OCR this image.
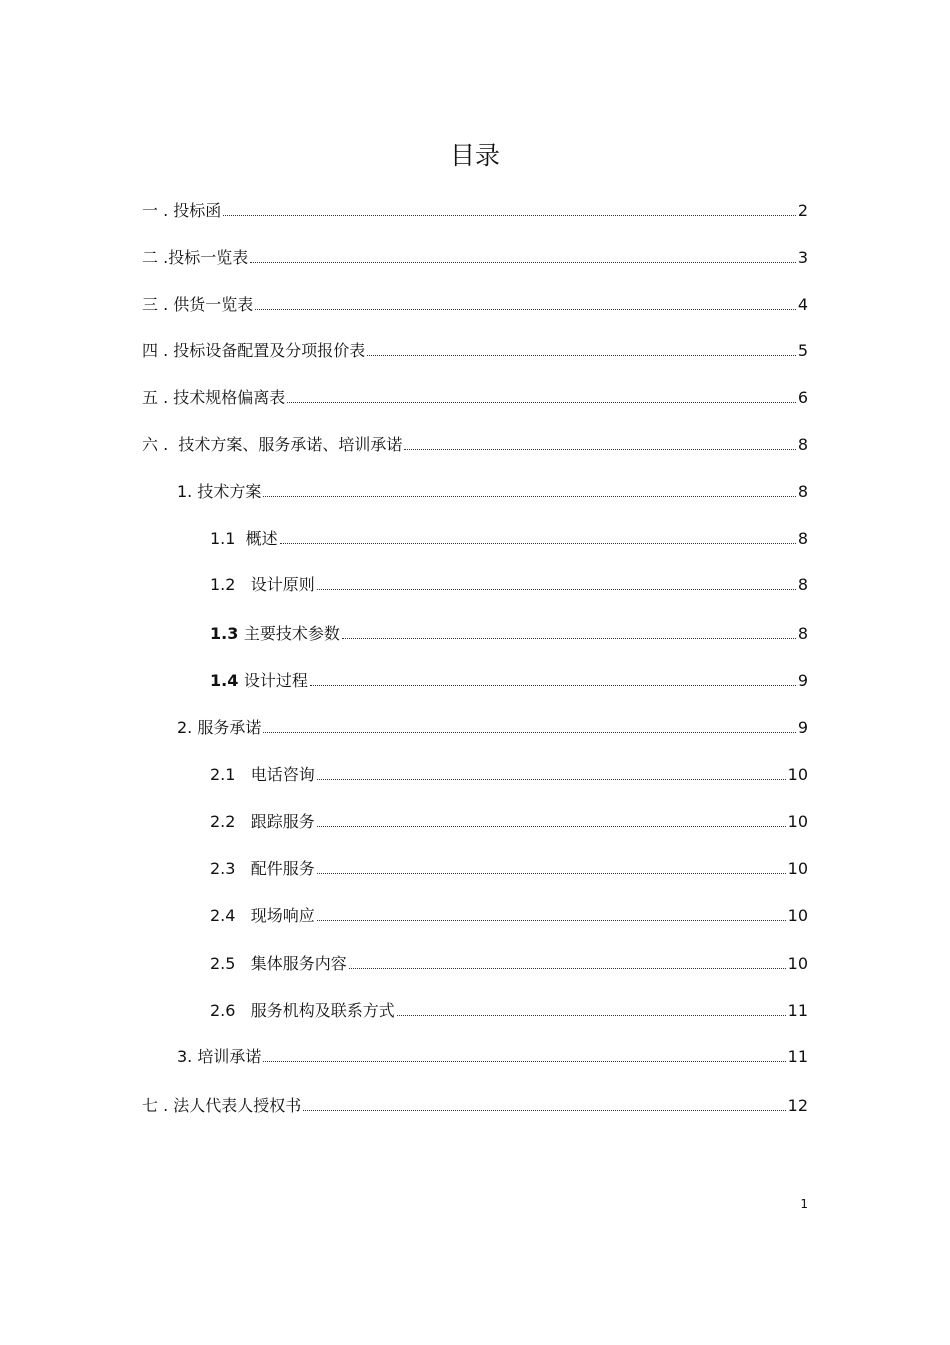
目录
一 . 投标函	2
二 .投标一览表	3
三 . 供货一览表	4
四 . 投标设备配置及分项报价表	5
五 . 技术规格偏离表	6
六 .  技术方案、服务承诺、培训承诺	8
1. 技术方案	8
1.1  概述	8
1.2   设计原则	8
1.3 主要技术参数	8
1.4 设计过程	9
2. 服务承诺	9
2.1   电话咨询	10
2.2   跟踪服务	10
2.3   配件服务	10
2.4   现场响应	10
2.5   集体服务内容	10
2.6   服务机构及联系方式	11
3. 培训承诺	11
七 . 法人代表人授权书	12
1
